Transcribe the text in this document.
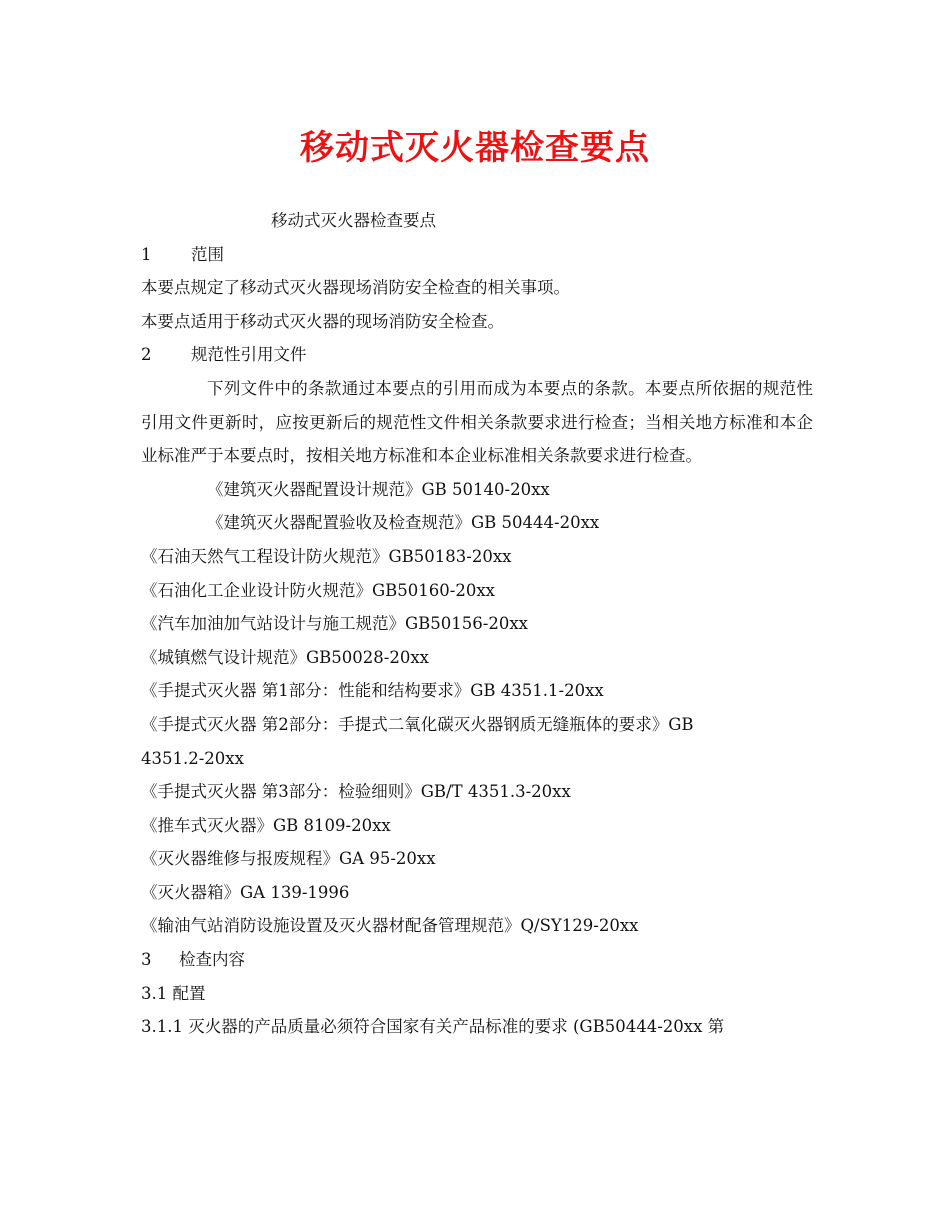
移动式灭火器检查要点
移动式灭火器检查要点
1 范围
本要点规定了移动式灭火器现场消防安全检查的相关事项。
本要点适用于移动式灭火器的现场消防安全检查。
2 规范性引用文件

下列文件中的条款通过本要点的引用而成为本要点的条款。本要点所依据的规范性引用文件更新时，应按更新后的规范性文件相关条款要求进行检查；当相关地方标准和本企业标准严于本要点时，按相关地方标准和本企业标准相关条款要求进行检查。

《建筑灭火器配置设计规范》GB 50140-20xx
《建筑灭火器配置验收及检查规范》GB 50444-20xx
《石油天然气工程设计防火规范》GB50183-20xx
《石油化工企业设计防火规范》GB50160-20xx
《汽车加油加气站设计与施工规范》GB50156-20xx
《城镇燃气设计规范》GB50028-20xx
《手提式灭火器 第1部分：性能和结构要求》GB 4351.1-20xx
《手提式灭火器 第2部分：手提式二氧化碳灭火器钢质无缝瓶体的要求》GB
4351.2-20xx
《手提式灭火器 第3部分：检验细则》GB/T 4351.3-20xx
《推车式灭火器》GB 8109-20xx
《灭火器维修与报废规程》GA 95-20xx
《灭火器箱》GA 139-1996
《输油气站消防设施设置及灭火器材配备管理规范》Q/SY129-20xx
3 检查内容
3.1 配置
3.1.1 灭火器的产品质量必须符合国家有关产品标准的要求 (GB50444-20xx 第
